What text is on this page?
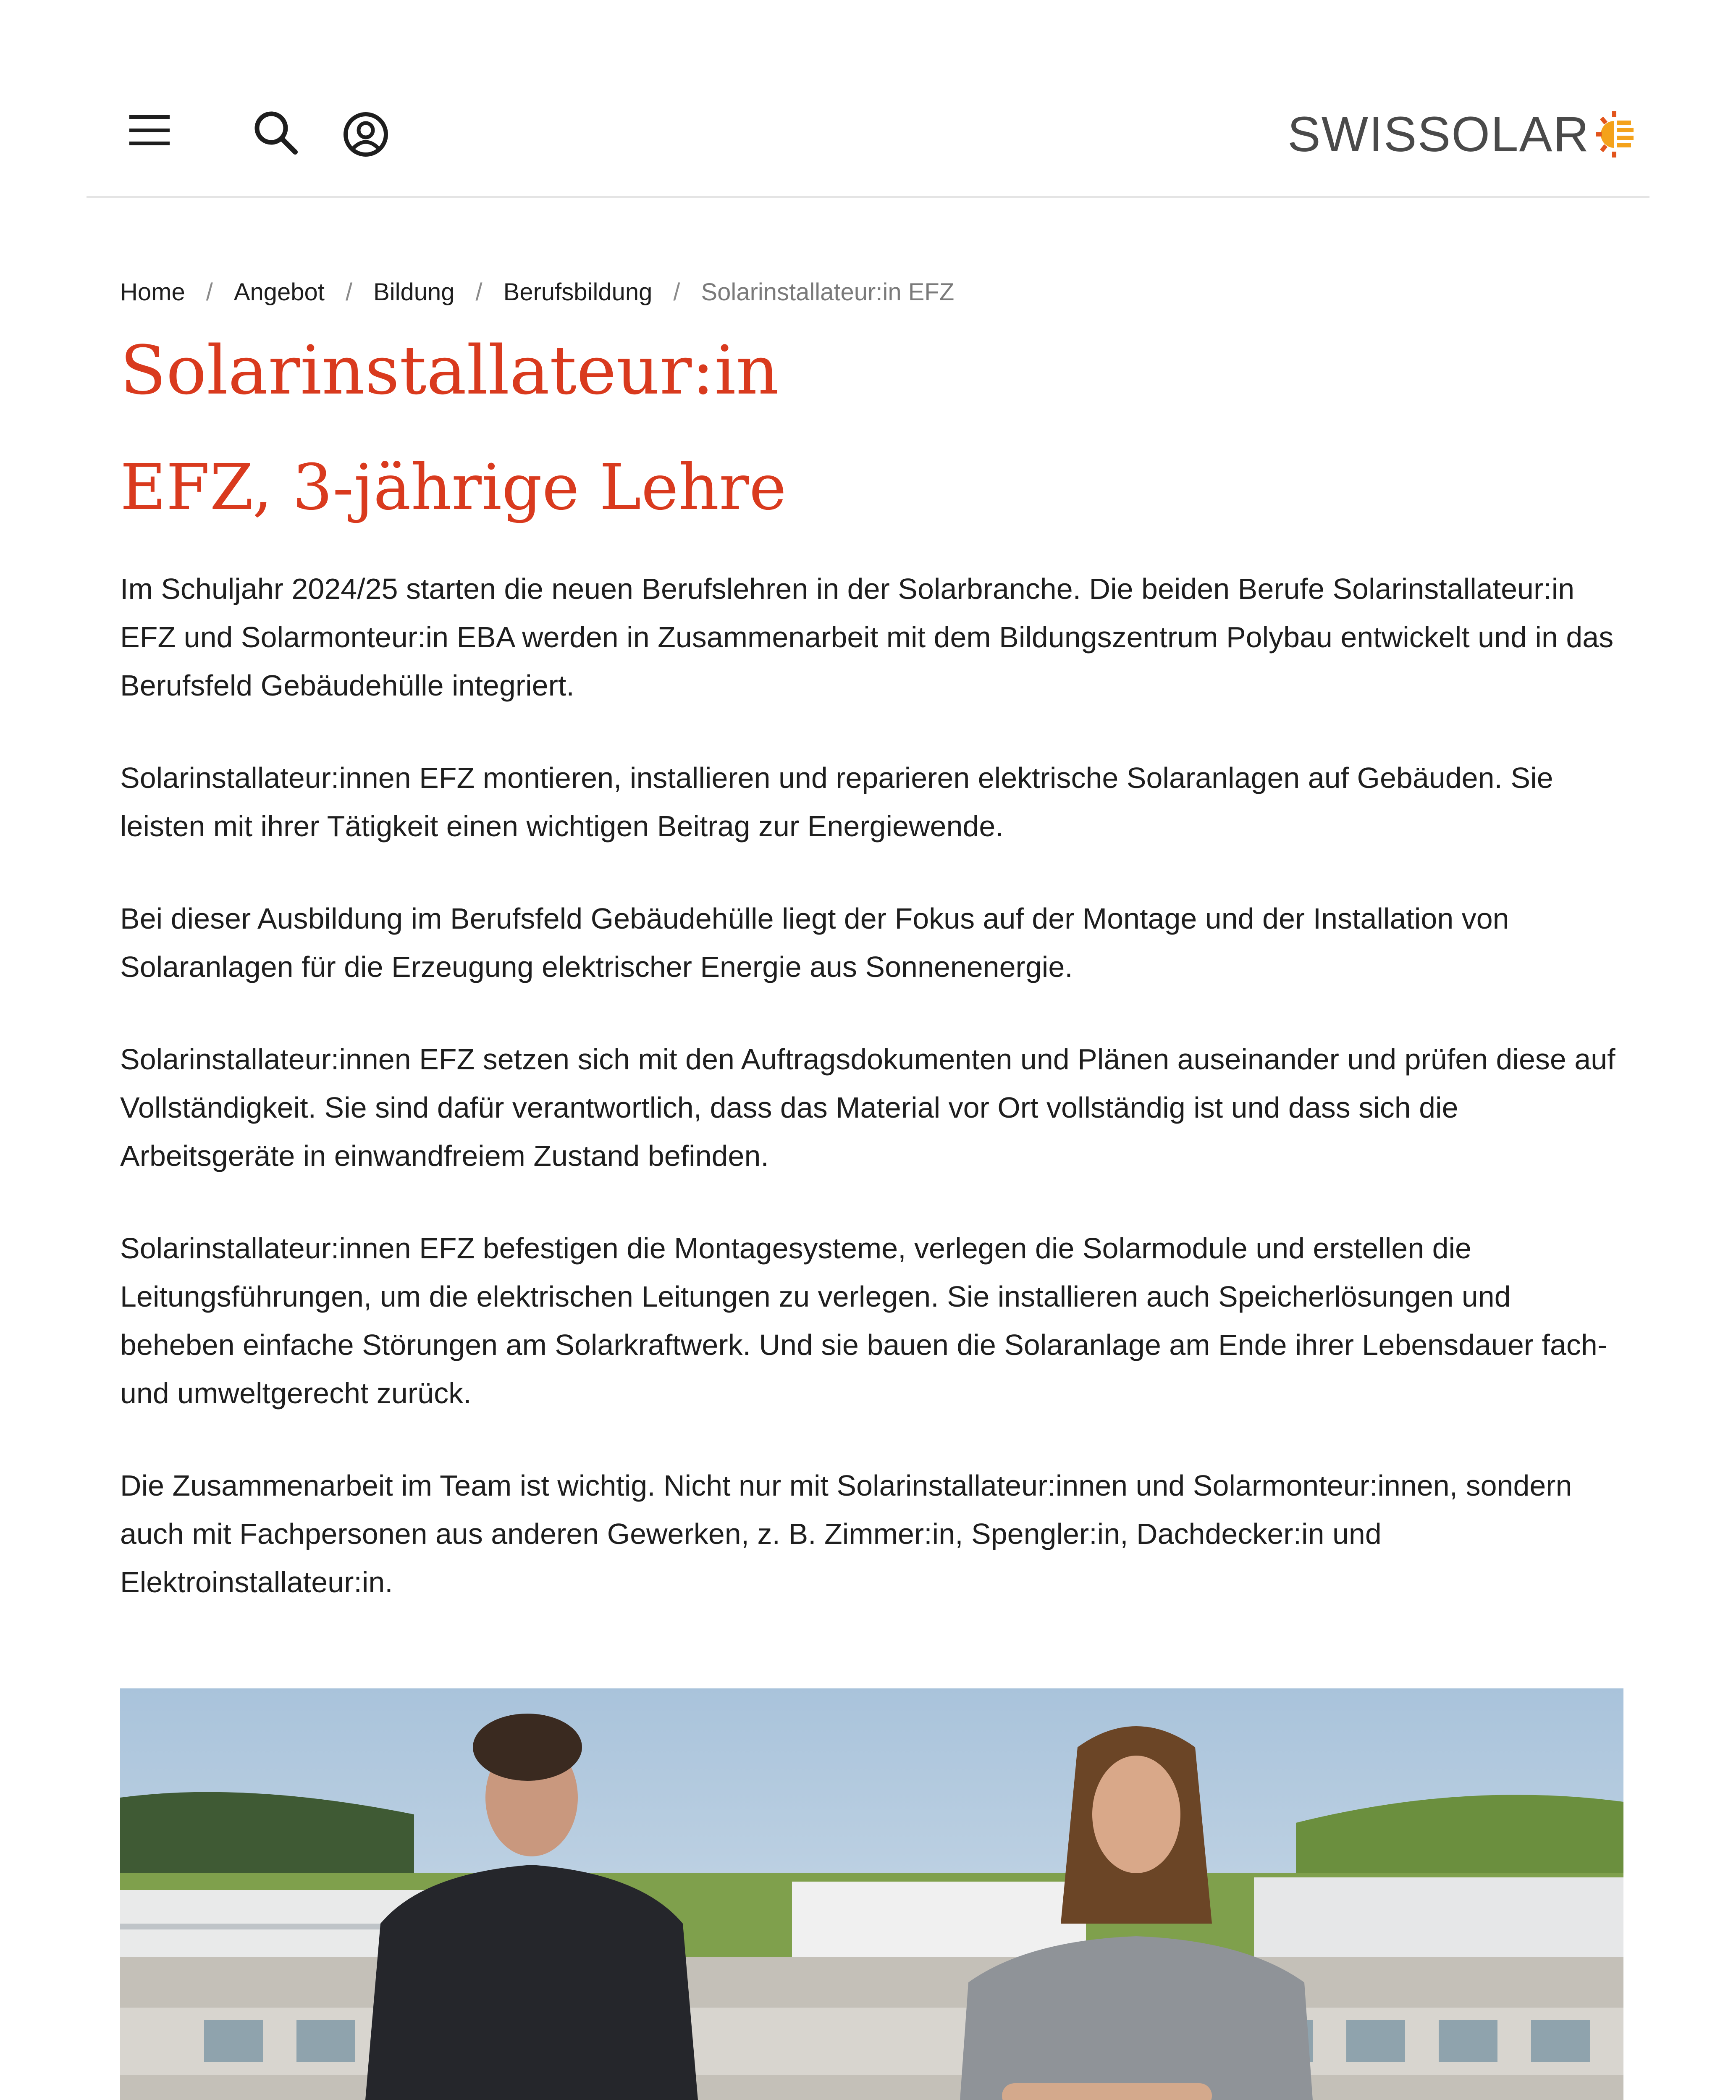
SWISSOLAR
Home / Angebot / Bildung / Berufsbildung / Solarinstallateur:in EFZ
Solarinstallateur:in
EFZ, 3-jährige Lehre

Im Schuljahr 2024/25 starten die neuen Berufslehren in der Solarbranche. Die beiden Berufe Solarinstallateur:in EFZ und Solarmonteur:in EBA werden in Zusammenarbeit mit dem Bildungszentrum Polybau entwickelt und in das Berufsfeld Gebäudehülle integriert.

Solarinstallateur:innen EFZ montieren, installieren und reparieren elektrische Solaranlagen auf Gebäuden. Sie leisten mit ihrer Tätigkeit einen wichtigen Beitrag zur Energiewende.

Bei dieser Ausbildung im Berufsfeld Gebäudehülle liegt der Fokus auf der Montage und der Installation von Solaranlagen für die Erzeugung elektrischer Energie aus Sonnenenergie.

Solarinstallateur:innen EFZ setzen sich mit den Auftragsdokumenten und Plänen auseinander und prüfen diese auf Vollständigkeit. Sie sind dafür verantwortlich, dass das Material vor Ort vollständig ist und dass sich die Arbeitsgeräte in einwandfreiem Zustand befinden.

Solarinstallateur:innen EFZ befestigen die Montagesysteme, verlegen die Solarmodule und erstellen die Leitungsführungen, um die elektrischen Leitungen zu verlegen. Sie installieren auch Speicherlösungen und beheben einfache Störungen am Solarkraftwerk. Und sie bauen die Solaranlage am Ende ihrer Lebensdauer fach- und umweltgerecht zurück.

Die Zusammenarbeit im Team ist wichtig. Nicht nur mit Solarinstallateur:innen und Solarmonteur:innen, sondern auch mit Fachpersonen aus anderen Gewerken, z. B. Zimmer:in, Spengler:in, Dachdecker:in und Elektroinstallateur:in.
